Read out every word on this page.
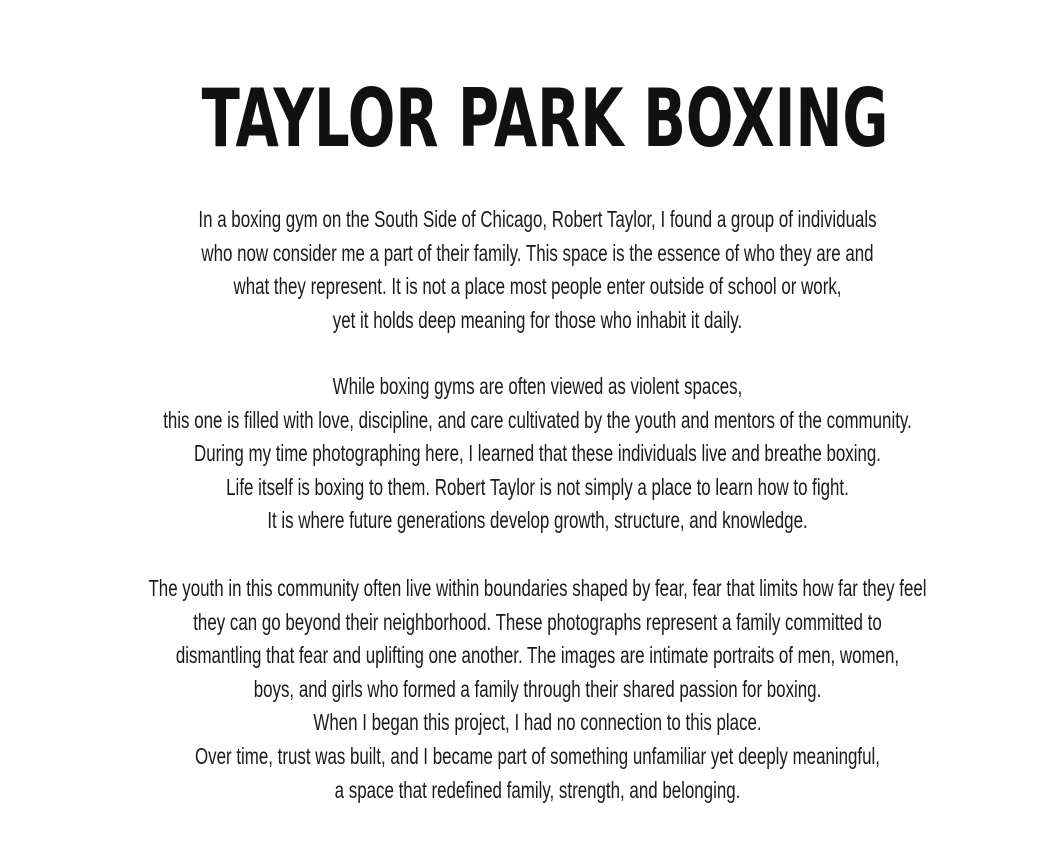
TAYLOR PARK BOXING

In a boxing gym on the South Side of Chicago, Robert Taylor, I found a group of individuals
who now consider me a part of their family. This space is the essence of who they are and
what they represent. It is not a place most people enter outside of school or work,
yet it holds deep meaning for those who inhabit it daily.

While boxing gyms are often viewed as violent spaces,
this one is filled with love, discipline, and care cultivated by the youth and mentors of the community.
During my time photographing here, I learned that these individuals live and breathe boxing.
Life itself is boxing to them. Robert Taylor is not simply a place to learn how to fight.
It is where future generations develop growth, structure, and knowledge.

The youth in this community often live within boundaries shaped by fear, fear that limits how far they feel
they can go beyond their neighborhood. These photographs represent a family committed to
dismantling that fear and uplifting one another. The images are intimate portraits of men, women,
boys, and girls who formed a family through their shared passion for boxing.
When I began this project, I had no connection to this place.
Over time, trust was built, and I became part of something unfamiliar yet deeply meaningful,
a space that redefined family, strength, and belonging.
